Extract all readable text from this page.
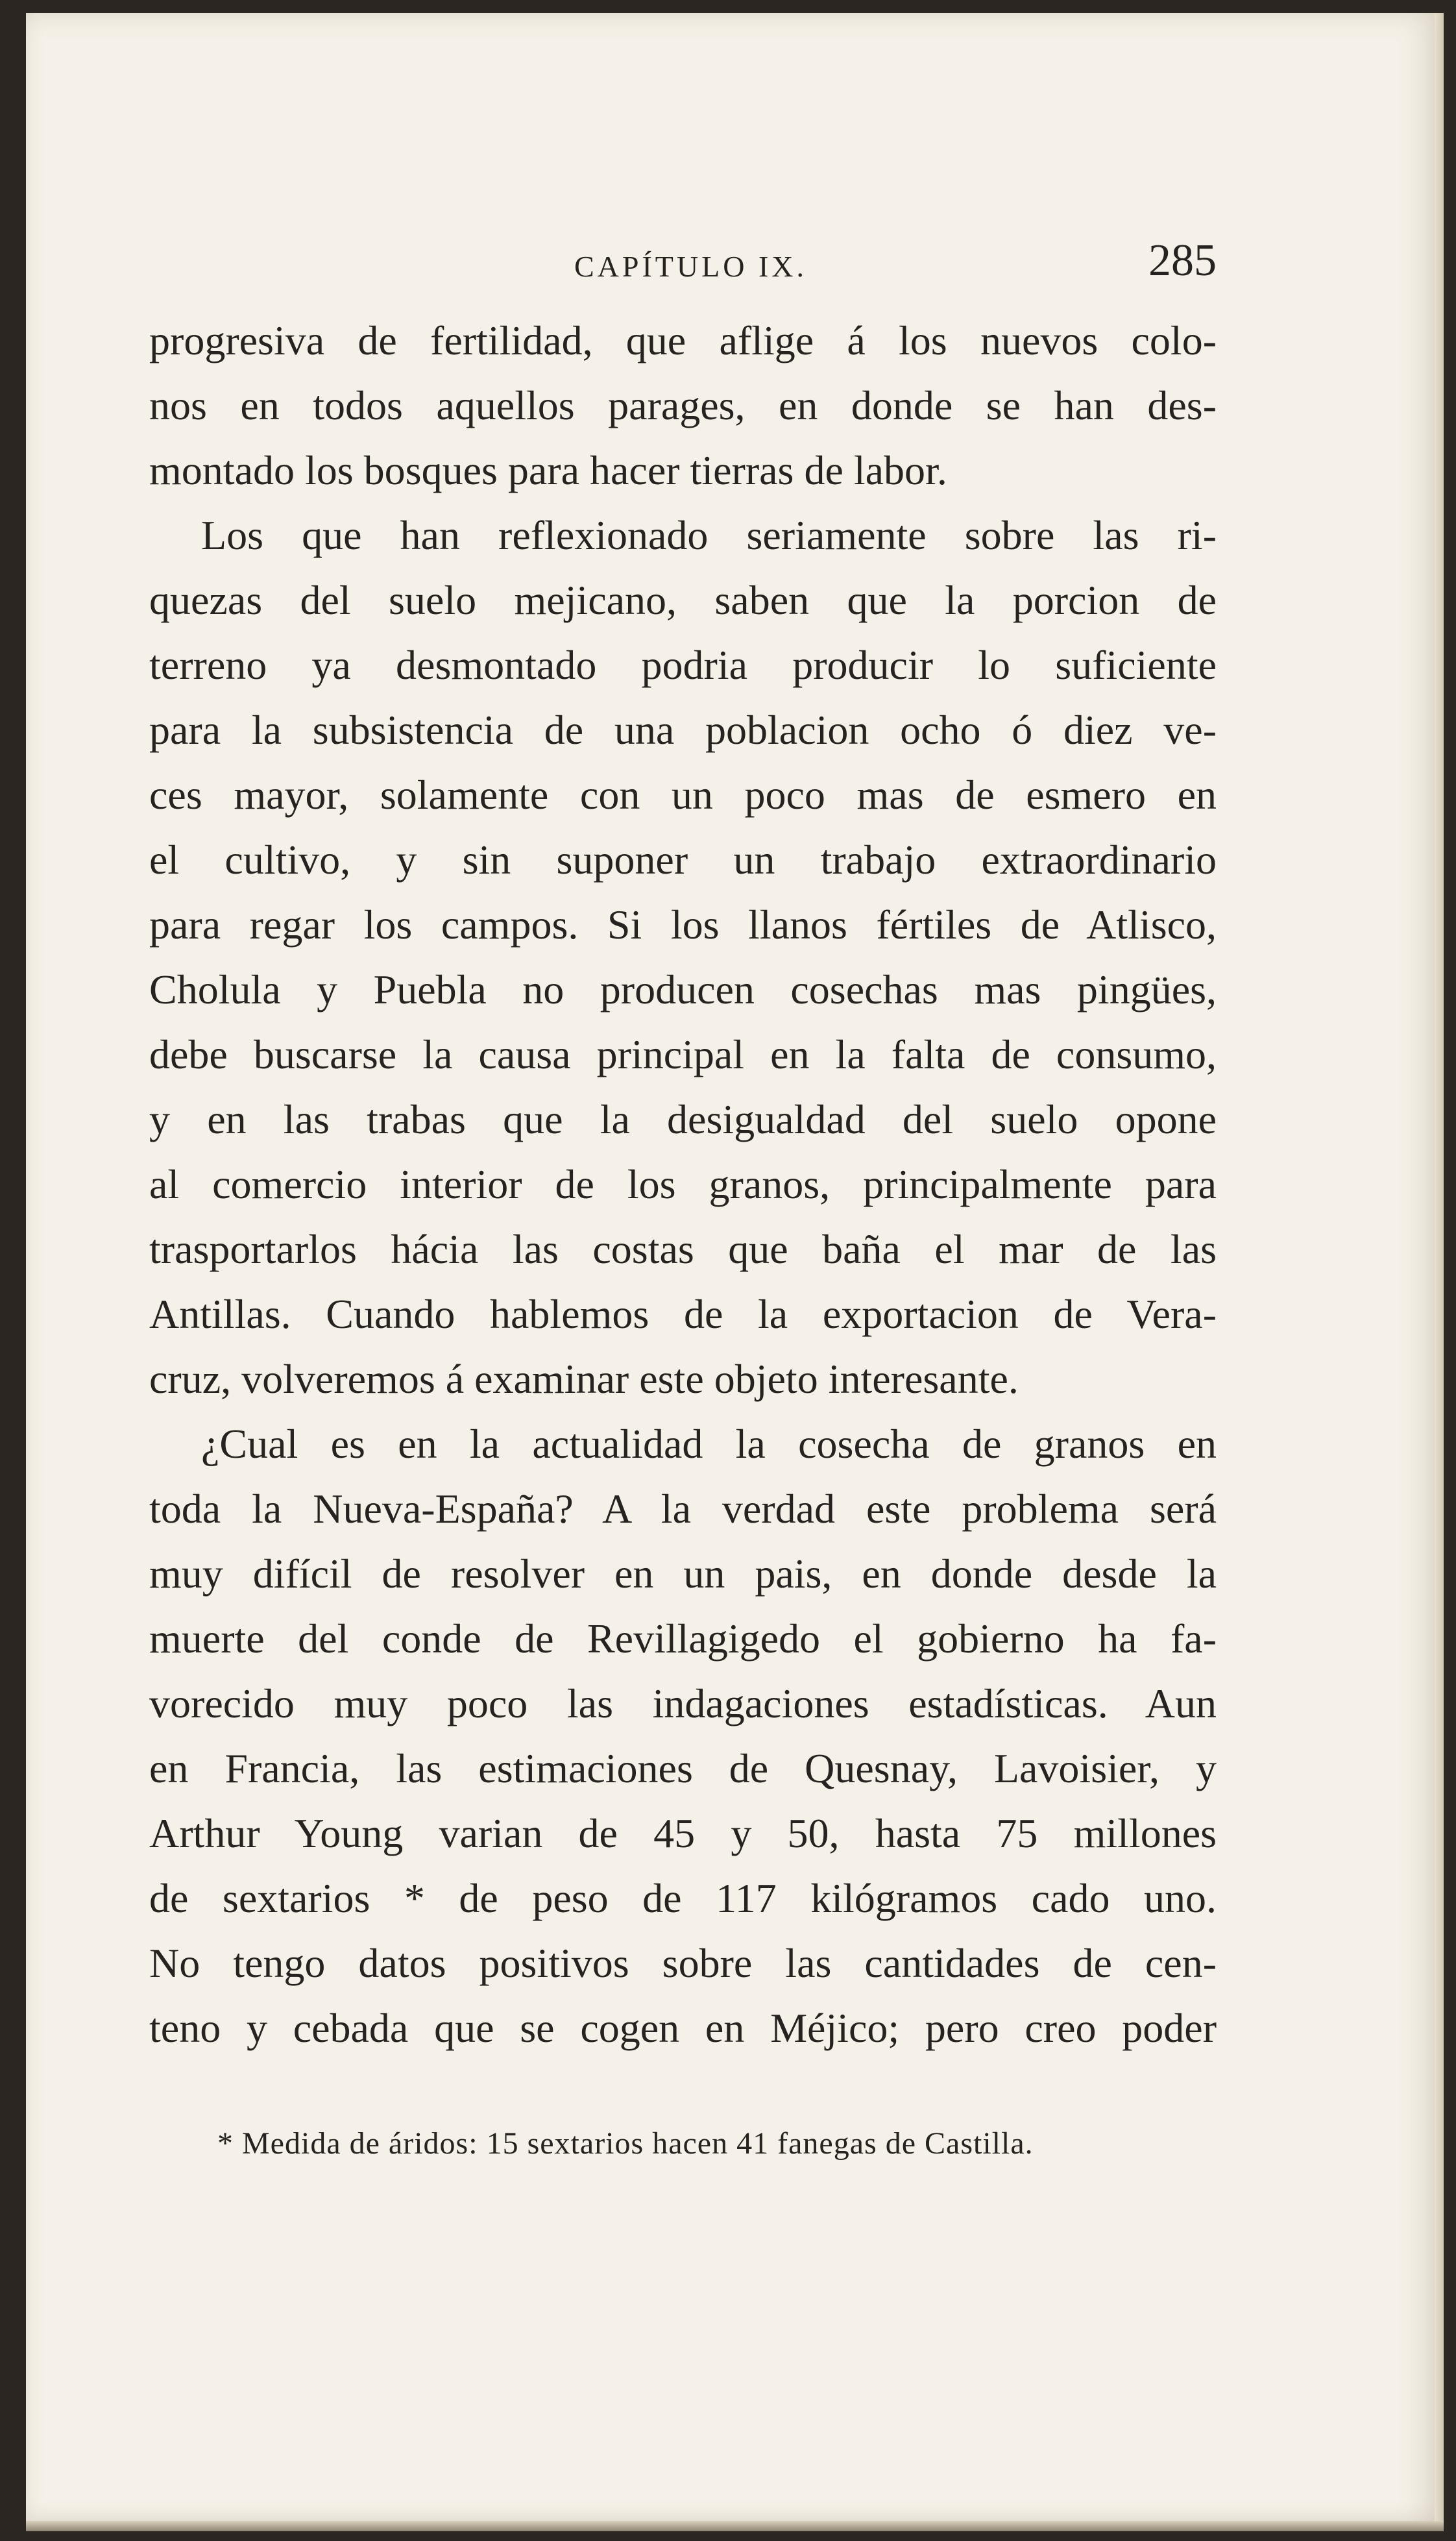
CAPÍTULO IX.	285
progresiva de fertilidad, que aflige á los nuevos colo-
nos en todos aquellos parages, en donde se han des-
montado los bosques para hacer tierras de labor.
Los que han reflexionado seriamente sobre las ri-
quezas del suelo mejicano, saben que la porcion de
terreno ya desmontado podria producir lo suficiente
para la subsistencia de una poblacion ocho ó diez ve-
ces mayor, solamente con un poco mas de esmero en
el cultivo, y sin suponer un trabajo extraordinario
para regar los campos. Si los llanos fértiles de Atlisco,
Cholula y Puebla no producen cosechas mas pingües,
debe buscarse la causa principal en la falta de consumo,
y en las trabas que la desigualdad del suelo opone
al comercio interior de los granos, principalmente para
trasportarlos hácia las costas que baña el mar de las
Antillas. Cuando hablemos de la exportacion de Vera-
cruz, volveremos á examinar este objeto interesante.
¿Cual es en la actualidad la cosecha de granos en
toda la Nueva-España? A la verdad este problema será
muy difícil de resolver en un pais, en donde desde la
muerte del conde de Revillagigedo el gobierno ha fa-
vorecido muy poco las indagaciones estadísticas. Aun
en Francia, las estimaciones de Quesnay, Lavoisier, y
Arthur Young varian de 45 y 50, hasta 75 millones
de sextarios * de peso de 117 kilógramos cado uno.
No tengo datos positivos sobre las cantidades de cen-
teno y cebada que se cogen en Méjico; pero creo poder
* Medida de áridos: 15 sextarios hacen 41 fanegas de Castilla.
